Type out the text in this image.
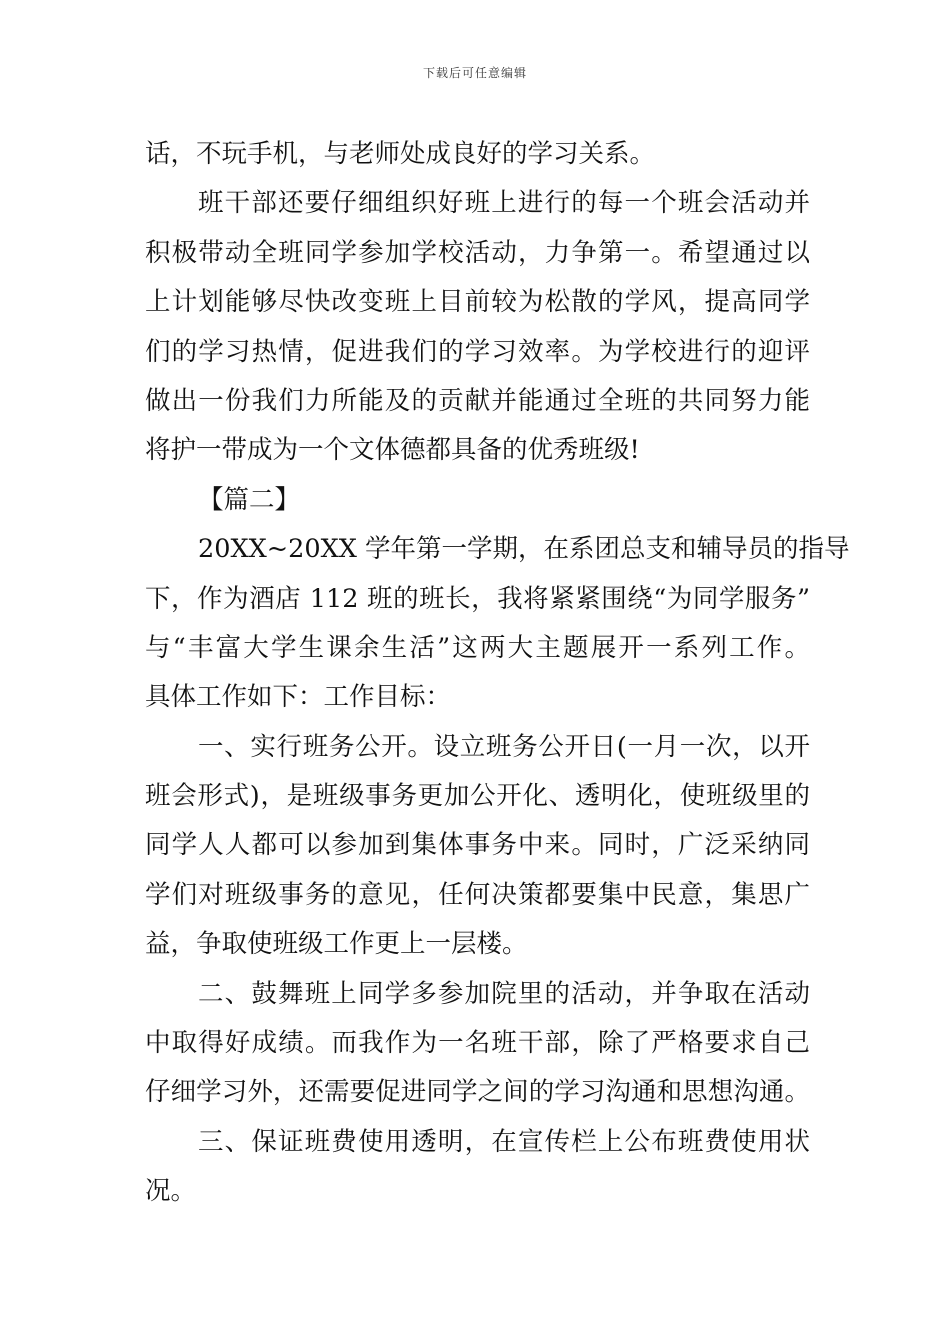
下载后可任意编辑
话，不玩手机，与老师处成良好的学习关系。
班干部还要仔细组织好班上进行的每一个班会活动并
积极带动全班同学参加学校活动，力争第一。希望通过以
上计划能够尽快改变班上目前较为松散的学风，提高同学
们的学习热情，促进我们的学习效率。为学校进行的迎评
做出一份我们力所能及的贡献并能通过全班的共同努力能
将护一带成为一个文体德都具备的优秀班级!
【篇二】
20XX~20XX 学年第一学期，在系团总支和辅导员的指导
下，作为酒店 112 班的班长，我将紧紧围绕“为同学服务”
与“丰富大学生课余生活”这两大主题展开一系列工作。
具体工作如下：工作目标：
一、实行班务公开。设立班务公开日(一月一次，以开
班会形式)，是班级事务更加公开化、透明化，使班级里的
同学人人都可以参加到集体事务中来。同时，广泛采纳同
学们对班级事务的意见，任何决策都要集中民意，集思广
益，争取使班级工作更上一层楼。
二、鼓舞班上同学多参加院里的活动，并争取在活动
中取得好成绩。而我作为一名班干部，除了严格要求自己
仔细学习外，还需要促进同学之间的学习沟通和思想沟通。
三、保证班费使用透明，在宣传栏上公布班费使用状
况。
